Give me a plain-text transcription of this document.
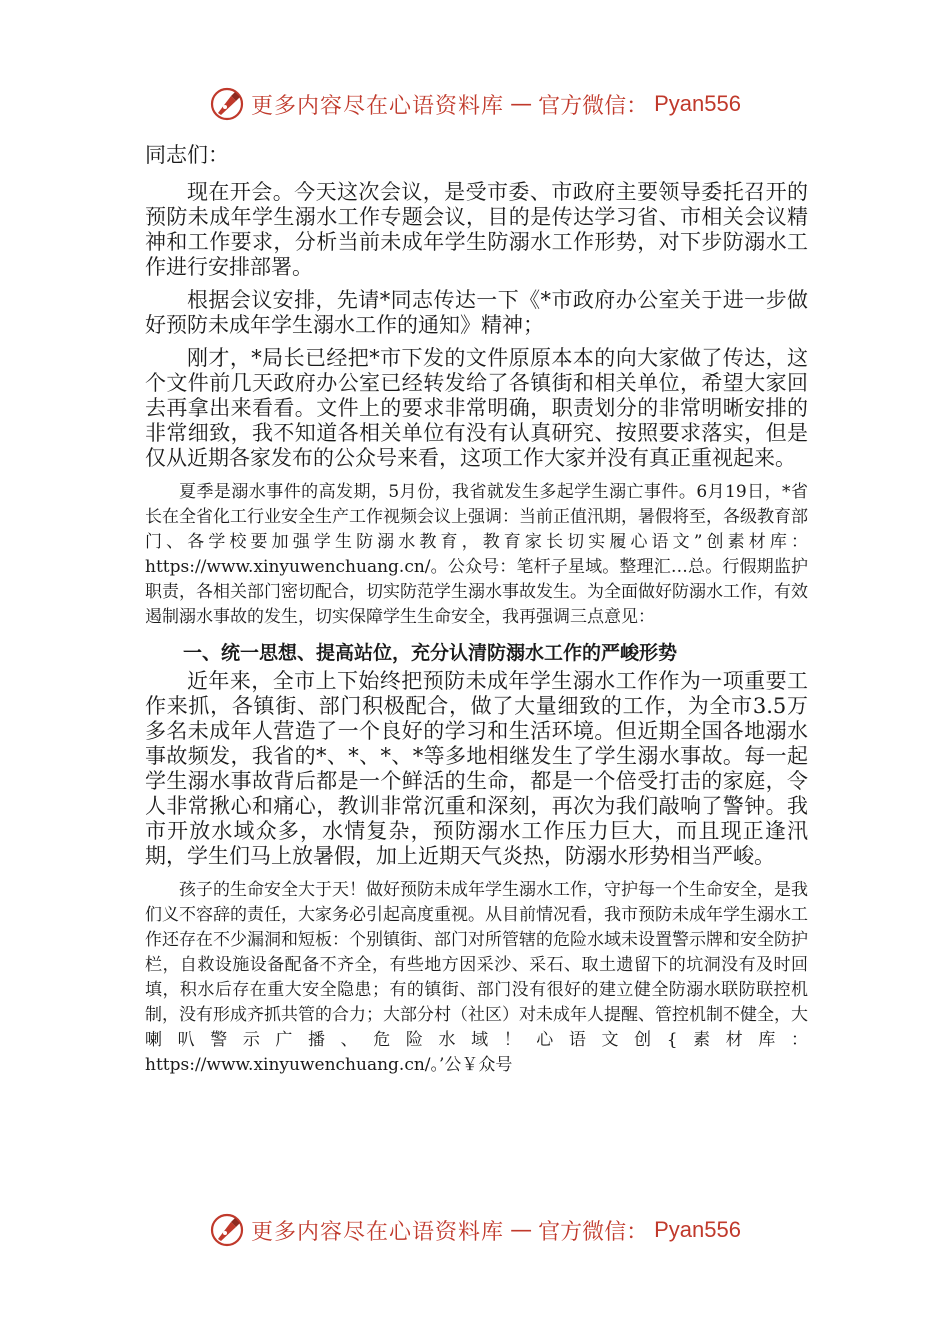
更多内容尽在心语资料库 — 官方微信： Pyan556

同志们：

现在开会。今天这次会议，是受市委、市政府主要领导委托召开的预防未成年学生溺水工作专题会议，目的是传达学习省、市相关会议精神和工作要求，分析当前未成年学生防溺水工作形势，对下步防溺水工作进行安排部署。

根据会议安排，先请*同志传达一下《*市政府办公室关于进一步做好预防未成年学生溺水工作的通知》精神；

刚才，*局长已经把*市下发的文件原原本本的向大家做了传达，这个文件前几天政府办公室已经转发给了各镇街和相关单位，希望大家回去再拿出来看看。文件上的要求非常明确，职责划分的非常明晰安排的非常细致，我不知道各相关单位有没有认真研究、按照要求落实，但是仅从近期各家发布的公众号来看，这项工作大家并没有真正重视起来。

夏季是溺水事件的高发期，5月份，我省就发生多起学生溺亡事件。6月19日，*省长在全省化工行业安全生产工作视频会议上强调：当前正值汛期，暑假将至，各级教育部门、各学校要加强学生防溺水教育，教育家长切实履心语文”创素材库：https://www.xinyuwenchuang.cn/。公众号：笔杆子星域。整理汇…总。行假期监护职责，各相关部门密切配合，切实防范学生溺水事故发生。为全面做好防溺水工作，有效遏制溺水事故的发生，切实保障学生生命安全，我再强调三点意见：

一、统一思想、提高站位，充分认清防溺水工作的严峻形势

近年来，全市上下始终把预防未成年学生溺水工作作为一项重要工作来抓，各镇街、部门积极配合，做了大量细致的工作，为全市3.5万多名未成年人营造了一个良好的学习和生活环境。但近期全国各地溺水事故频发，我省的*、*、*、*等多地相继发生了学生溺水事故。每一起学生溺水事故背后都是一个鲜活的生命，都是一个倍受打击的家庭，令人非常揪心和痛心，教训非常沉重和深刻，再次为我们敲响了警钟。我市开放水域众多，水情复杂，预防溺水工作压力巨大，而且现正逢汛期，学生们马上放暑假，加上近期天气炎热，防溺水形势相当严峻。

孩子的生命安全大于天！做好预防未成年学生溺水工作，守护每一个生命安全，是我们义不容辞的责任，大家务必引起高度重视。从目前情况看，我市预防未成年学生溺水工作还存在不少漏洞和短板：个别镇街、部门对所管辖的危险水域未设置警示牌和安全防护栏，自救设施设备配备不齐全，有些地方因采沙、采石、取土遗留下的坑洞没有及时回填，积水后存在重大安全隐患；有的镇街、部门没有很好的建立健全防溺水联防联控机制，没有形成齐抓共管的合力；大部分村（社区）对未成年人提醒、管控机制不健全，大喇叭警示广播、危险水域！心语文创{素材库：https://www.xinyuwenchuang.cn/。’公￥众号

更多内容尽在心语资料库 — 官方微信： Pyan556
